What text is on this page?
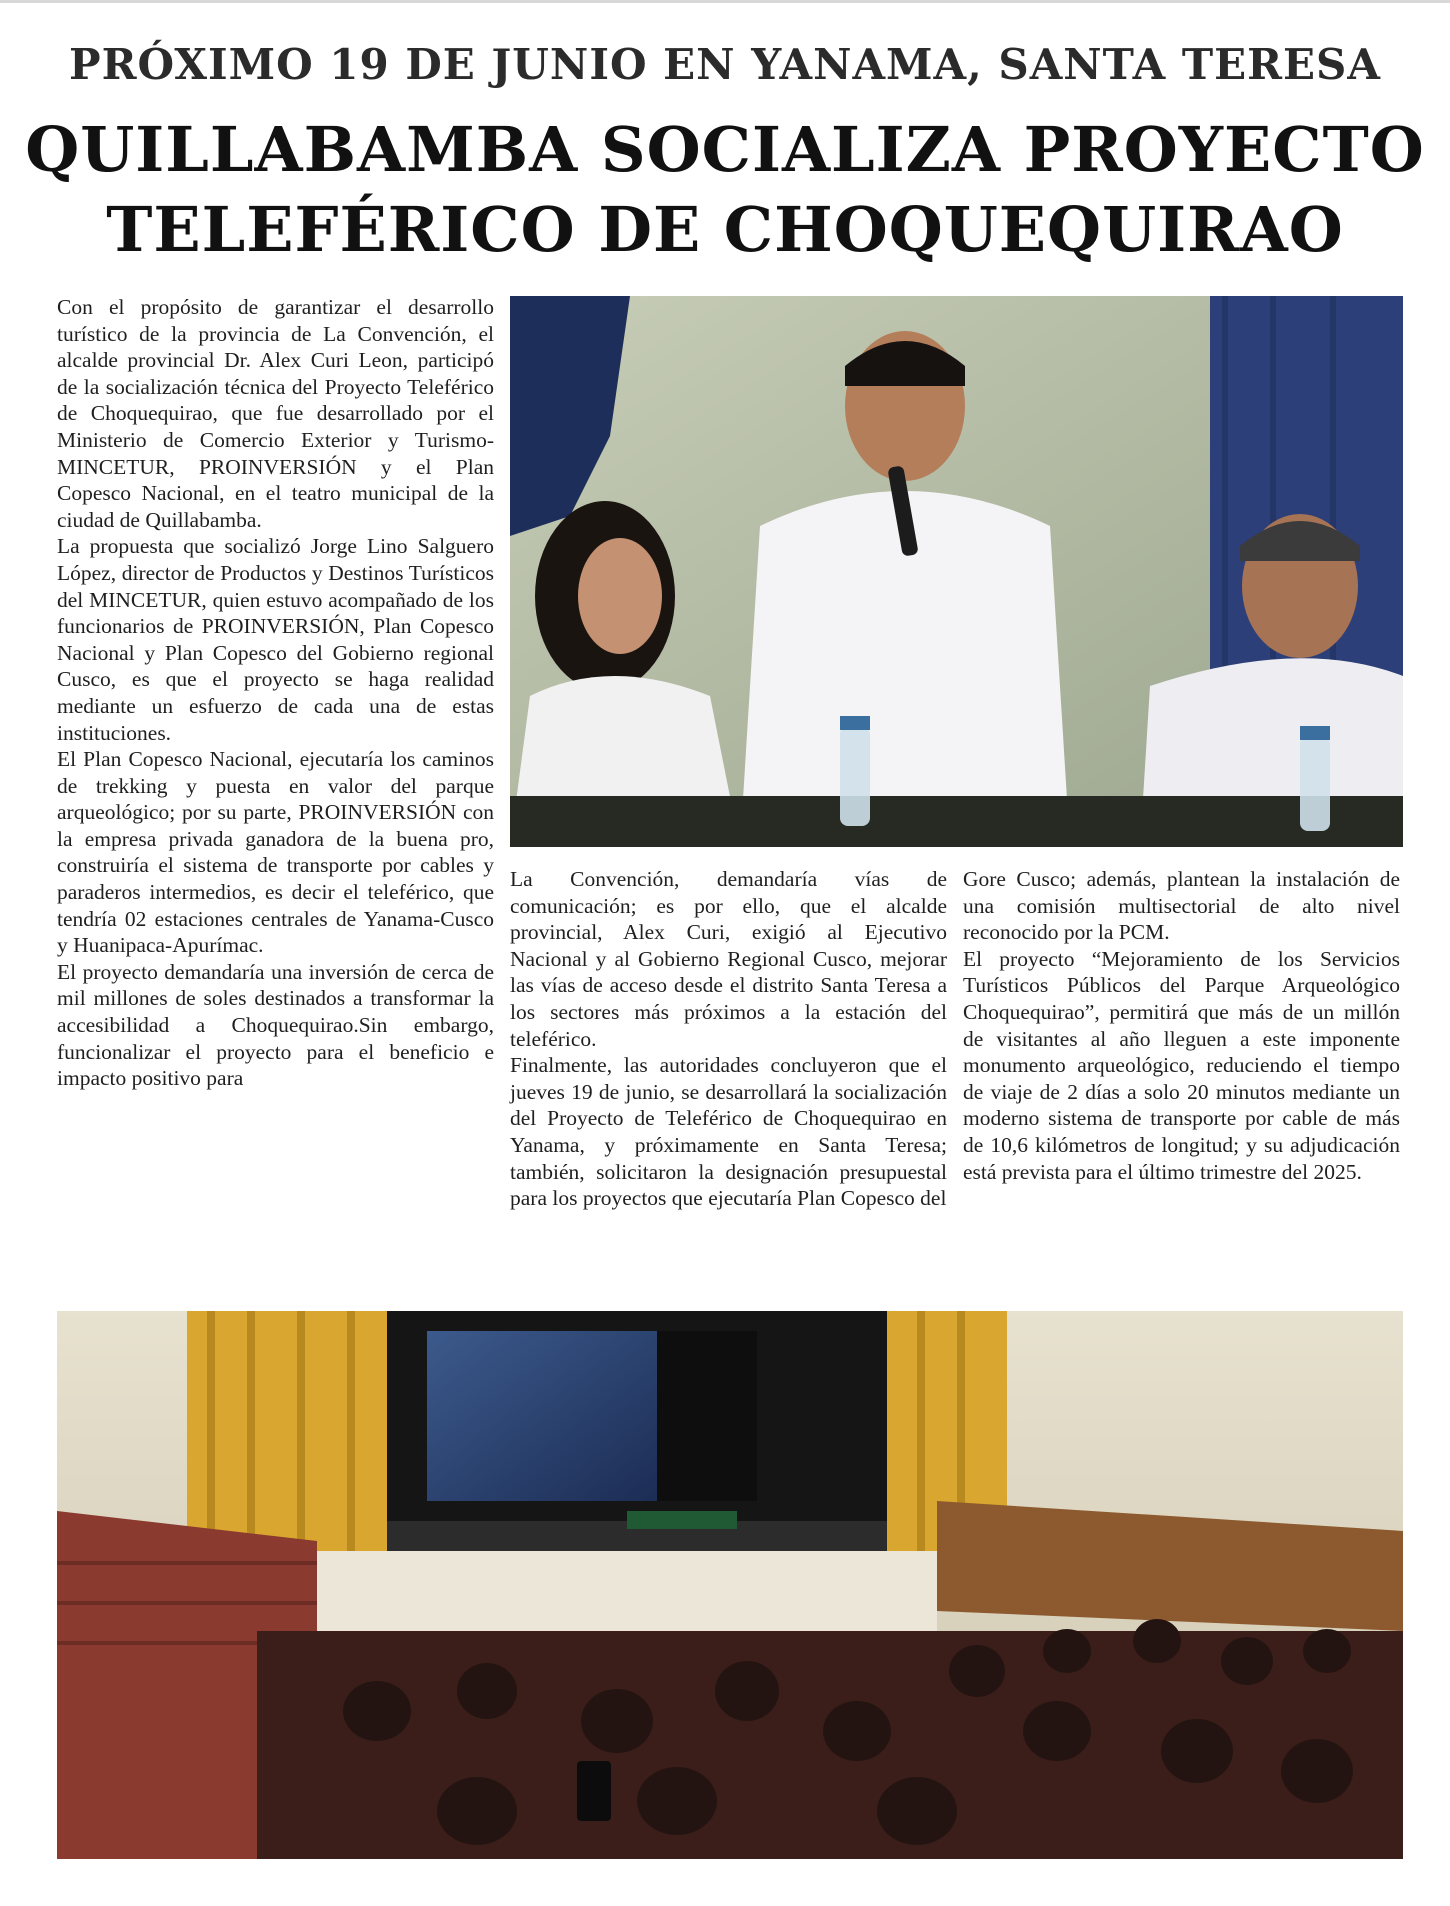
PRÓXIMO 19 DE JUNIO EN YANAMA, SANTA TERESA
QUILLABAMBA SOCIALIZA PROYECTO
TELEFÉRICO DE CHOQUEQUIRAO

Con el propósito de garantizar el desarrollo turístico de la provincia de La Convención, el alcalde provincial Dr. Alex Curi Leon, participó de la socialización técnica del Proyecto Teleférico de Choquequirao, que fue desarrollado por el Ministerio de Comercio Exterior y Turismo-MINCETUR, PROINVERSIÓN y el Plan Copesco Nacional, en el teatro municipal de la ciudad de Quillabamba.

La propuesta que socializó Jorge Lino Salguero López, director de Productos y Destinos Turísticos del MINCETUR, quien estuvo acompañado de los funcionarios de PROINVERSIÓN, Plan Copesco Nacional y Plan Copesco del Gobierno regional Cusco, es que el proyecto se haga realidad mediante un esfuerzo de cada una de estas instituciones.

El Plan Copesco Nacional, ejecutaría los caminos de trekking y puesta en valor del parque arqueológico; por su parte, PROINVERSIÓN con la empresa privada ganadora de la buena pro, construiría el sistema de transporte por cables y paraderos intermedios, es decir el teleférico, que tendría 02 estaciones centrales de Yanama-Cusco y Huanipaca-Apurímac.

El proyecto demandaría una inversión de cerca de mil millones de soles destinados a transformar la accesibilidad a Choquequirao.Sin embargo, funcionalizar el proyecto para el beneficio e impacto positivo para

La Convención, demandaría vías de comunicación; es por ello, que el alcalde provincial, Alex Curi, exigió al Ejecutivo Nacional y al Gobierno Regional Cusco, mejorar las vías de acceso desde el distrito Santa Teresa a los sectores más próximos a la estación del teleférico.

Finalmente, las autoridades concluyeron que el jueves 19 de junio, se desarrollará la socialización del Proyecto de Teleférico de Choquequirao en Yanama, y próximamente en Santa Teresa; también, solicitaron la designación presupuestal para los proyectos que ejecutaría Plan Copesco del

Gore Cusco; además, plantean la instalación de una comisión multisectorial de alto nivel reconocido por la PCM.

El proyecto “Mejoramiento de los Servicios Turísticos Públicos del Parque Arqueológico Choquequirao”, permitirá que más de un millón de visitantes al año lleguen a este imponente monumento arqueológico, reduciendo el tiempo de viaje de 2 días a solo 20 minutos mediante un moderno sistema de transporte por cable de más de 10,6 kilómetros de longitud; y su adjudicación está prevista para el último trimestre del 2025.
